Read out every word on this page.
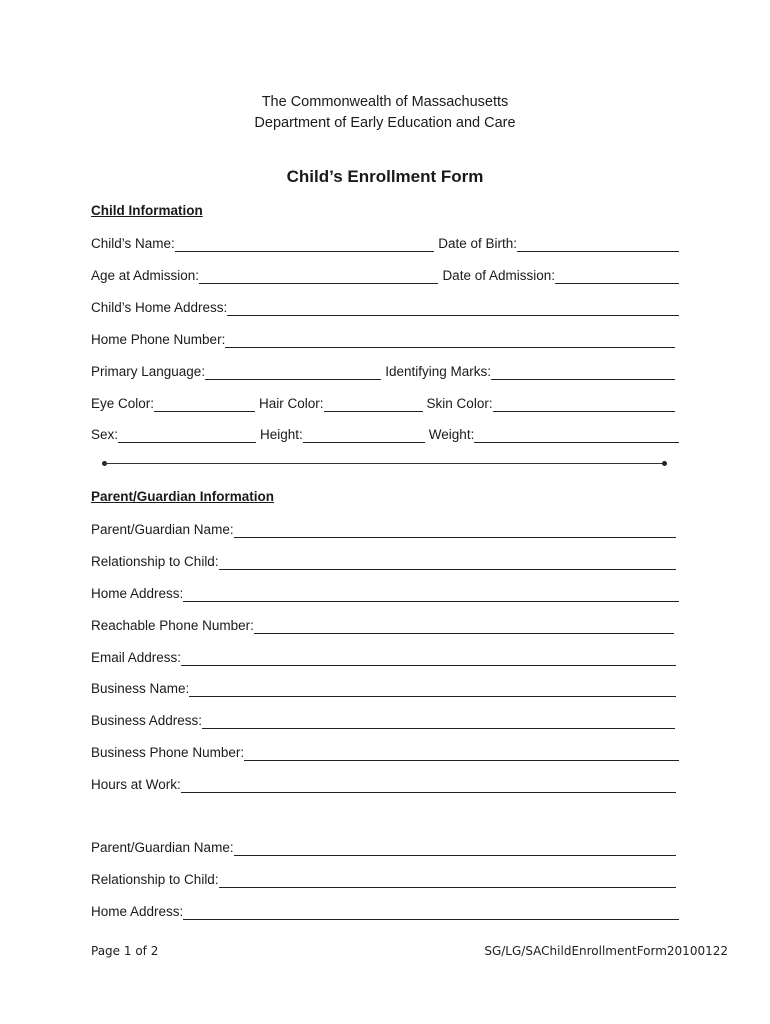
The Commonwealth of Massachusetts
Department of Early Education and Care
Child’s Enrollment Form
Child Information
Child’s Name:	Date of Birth:
Age at Admission:	Date of Admission:
Child’s Home Address:
Home Phone Number:
Primary Language:	Identifying Marks:
Eye Color:	Hair Color:	Skin Color:
Sex:	Height:	Weight:
Parent/Guardian Information
Parent/Guardian Name:
Relationship to Child:
Home Address:
Reachable Phone Number:
Email Address:
Business Name:
Business Address:
Business Phone Number:
Hours at Work:
Parent/Guardian Name:
Relationship to Child:
Home Address:
Page 1 of 2	SG/LG/SAChildEnrollmentForm20100122
